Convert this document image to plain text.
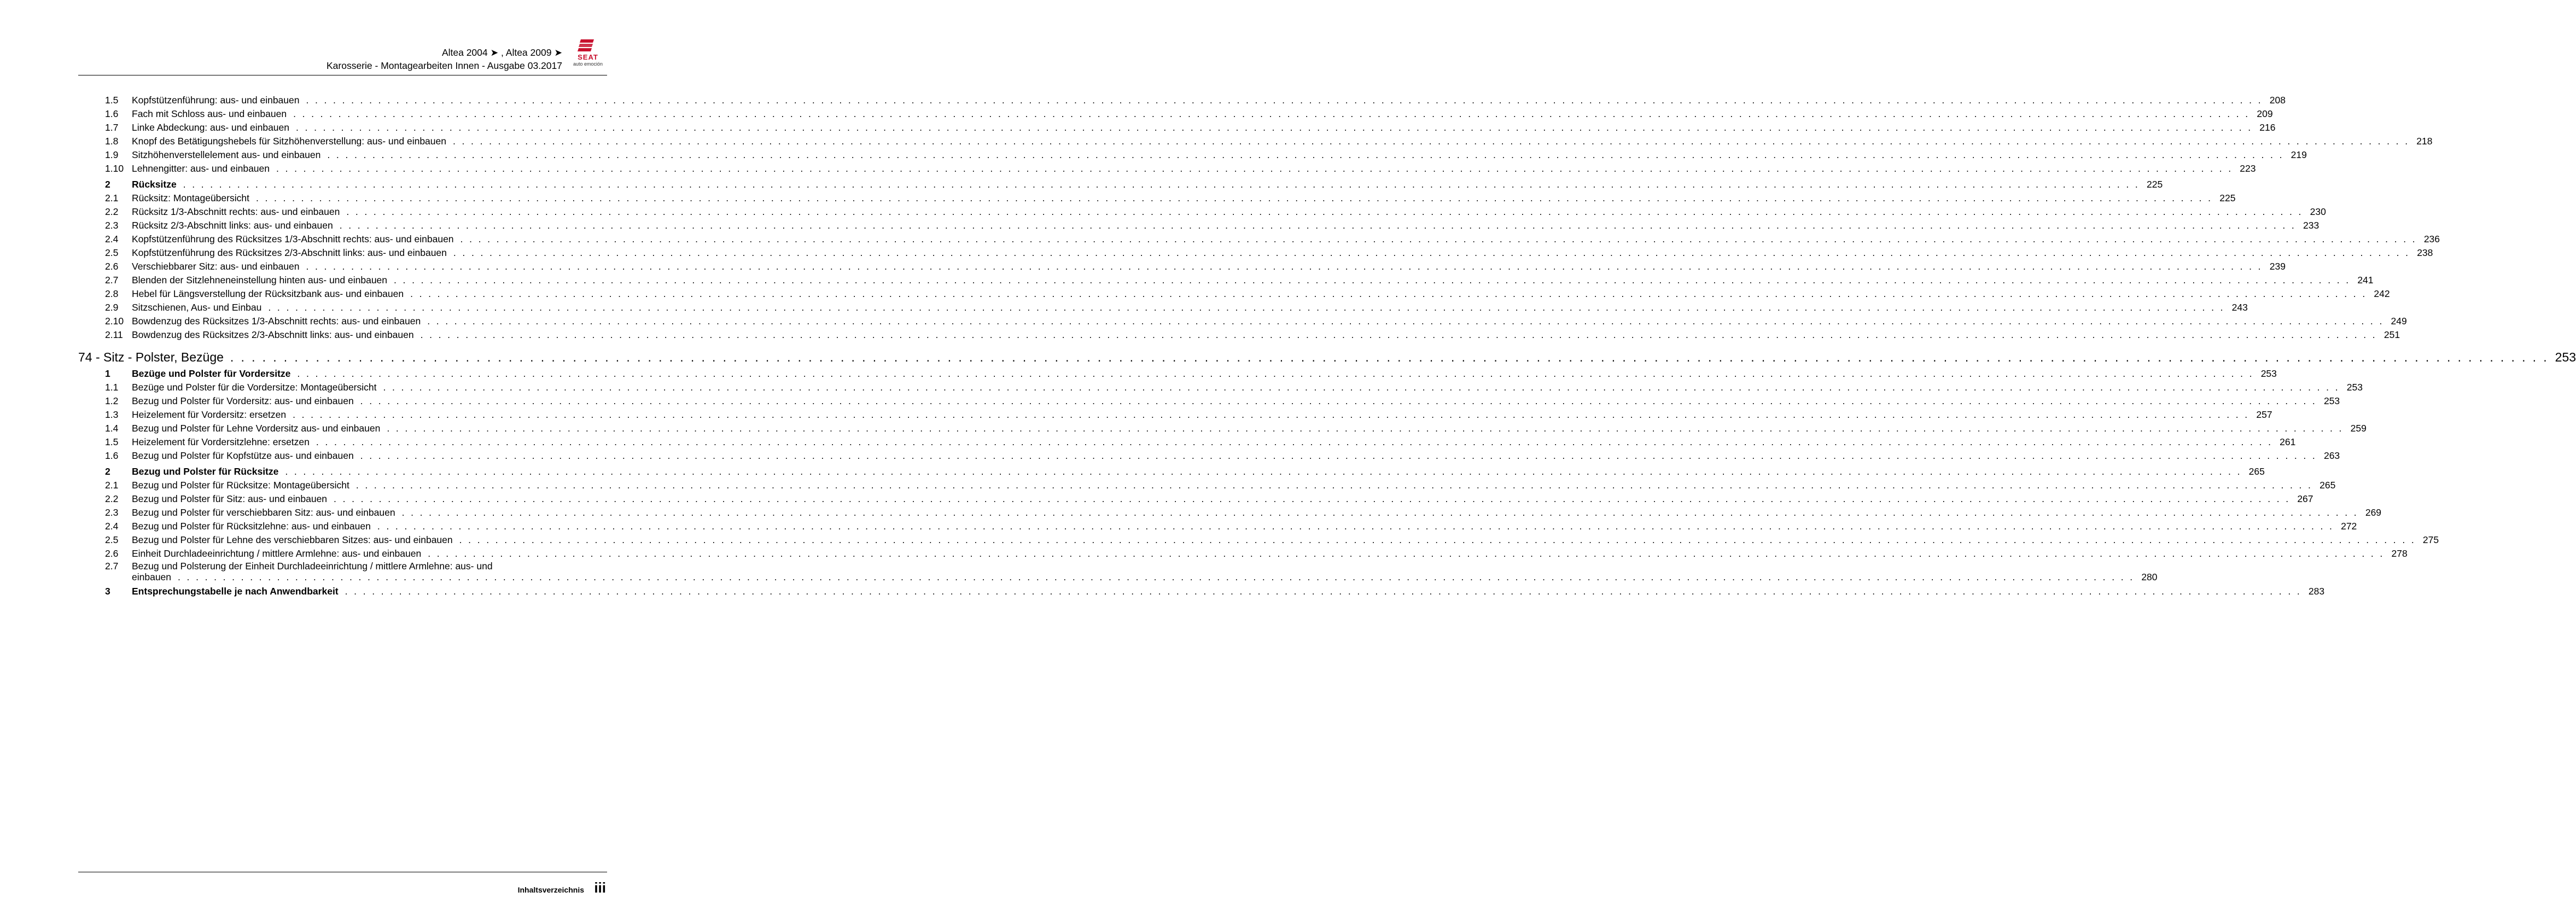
Altea 2004 ➤ , Altea 2009 ➤
Karosserie - Montagearbeiten Innen - Ausgabe 03.2017
SEAT
auto emoción
1.5	Kopfstützenführung: aus- und einbauen . . .	208
1.6	Fach mit Schloss aus- und einbauen . . .	209
1.7	Linke Abdeckung: aus- und einbauen . . .	216
1.8	Knopf des Betätigungshebels für Sitzhöhenverstellung: aus- und einbauen . . .	218
1.9	Sitzhöhenverstellelement aus- und einbauen . . .	219
1.10 Lehnengitter: aus- und einbauen . . .	223
2	Rücksitze . . .	225
2.1	Rücksitz: Montageübersicht . . .	225
2.2	Rücksitz 1/3-Abschnitt rechts: aus- und einbauen . . .	230
2.3	Rücksitz 2/3-Abschnitt links: aus- und einbauen . . .	233
2.4	Kopfstützenführung des Rücksitzes 1/3-Abschnitt rechts: aus- und einbauen . . .	236
2.5	Kopfstützenführung des Rücksitzes 2/3-Abschnitt links: aus- und einbauen . . .	238
2.6	Verschiebbarer Sitz: aus- und einbauen . . .	239
2.7	Blenden der Sitzlehneneinstellung hinten aus- und einbauen . . .	241
2.8	Hebel für Längsverstellung der Rücksitzbank aus- und einbauen . . .	242
2.9	Sitzschienen, Aus- und Einbau . . .	243
2.10 Bowdenzug des Rücksitzes 1/3-Abschnitt rechts: aus- und einbauen . . .	249
2.11 Bowdenzug des Rücksitzes 2/3-Abschnitt links: aus- und einbauen . . .	251
74 - Sitz - Polster, Bezüge . . .	253
1	Bezüge und Polster für Vordersitze . . .	253
1.1	Bezüge und Polster für die Vordersitze: Montageübersicht . . .	253
1.2	Bezug und Polster für Vordersitz: aus- und einbauen . . .	253
1.3	Heizelement für Vordersitz: ersetzen . . .	257
1.4	Bezug und Polster für Lehne Vordersitz aus- und einbauen . . .	259
1.5	Heizelement für Vordersitzlehne: ersetzen . . .	261
1.6	Bezug und Polster für Kopfstütze aus- und einbauen . . .	263
2	Bezug und Polster für Rücksitze . . .	265
2.1	Bezug und Polster für Rücksitze: Montageübersicht . . .	265
2.2	Bezug und Polster für Sitz: aus- und einbauen . . .	267
2.3	Bezug und Polster für verschiebbaren Sitz: aus- und einbauen . . .	269
2.4	Bezug und Polster für Rücksitzlehne: aus- und einbauen . . .	272
2.5	Bezug und Polster für Lehne des verschiebbaren Sitzes: aus- und einbauen . . .	275
2.6	Einheit Durchladeeinrichtung / mittlere Armlehne: aus- und einbauen . . .	278
2.7	Bezug und Polsterung der Einheit Durchladeeinrichtung / mittlere Armlehne: aus- und
einbauen . . .	280
3	Entsprechungstabelle je nach Anwendbarkeit . . .	283
Inhaltsverzeichnis iii
